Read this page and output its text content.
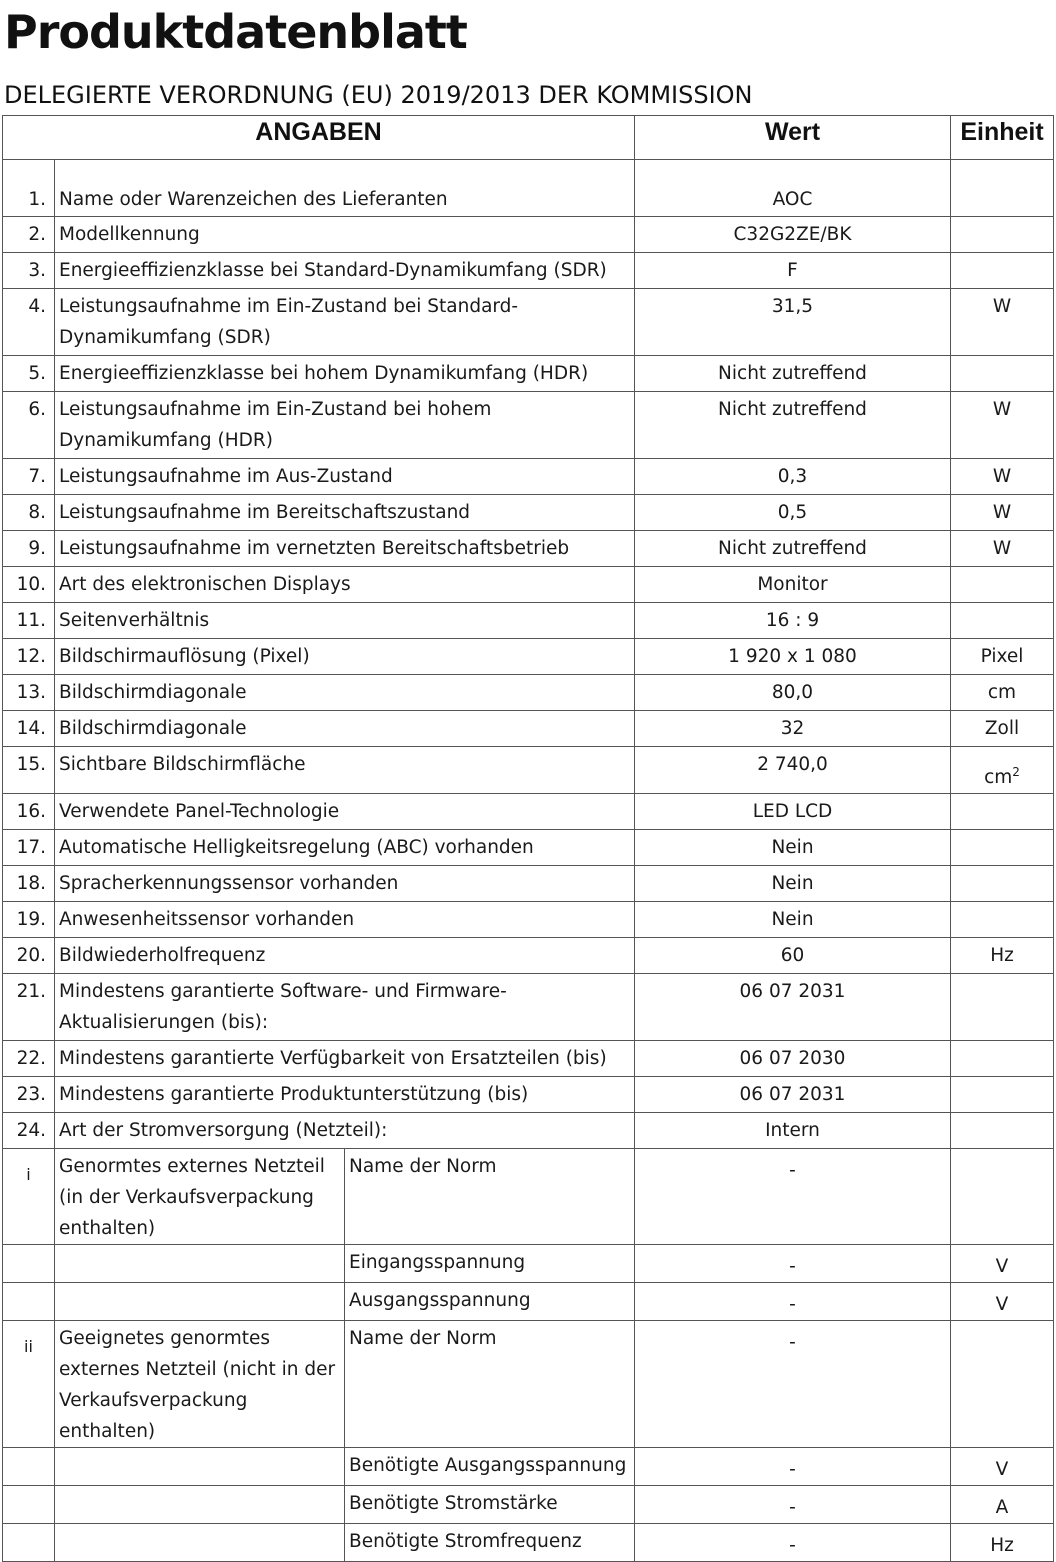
Produktdatenblatt
DELEGIERTE VERORDNUNG (EU) 2019/2013 DER KOMMISSION
ANGABEN			Wert	Einheit
1.	Name oder Warenzeichen des Lieferanten		AOC	
2.	Modellkennung		C32G2ZE/BK	
3.	Energieeffizienzklasse bei Standard-Dynamikumfang (SDR)		F	
4.	Leistungsaufnahme im Ein-Zustand bei Standard-Dynamikumfang (SDR)		31,5	W
5.	Energieeffizienzklasse bei hohem Dynamikumfang (HDR)		Nicht zutreffend	
6.	Leistungsaufnahme im Ein-Zustand bei hohem Dynamikumfang (HDR)		Nicht zutreffend	W
7.	Leistungsaufnahme im Aus-Zustand		0,3	W
8.	Leistungsaufnahme im Bereitschaftszustand		0,5	W
9.	Leistungsaufnahme im vernetzten Bereitschaftsbetrieb		Nicht zutreffend	W
10.	Art des elektronischen Displays		Monitor	
11.	Seitenverhältnis		16 : 9	
12.	Bildschirmauflösung (Pixel)		1 920 x 1 080	Pixel
13.	Bildschirmdiagonale		80,0	cm
14.	Bildschirmdiagonale		32	Zoll
15.	Sichtbare Bildschirmfläche		2 740,0	$cm^2$
16.	Verwendete Panel-Technologie		LED LCD	
17.	Automatische Helligkeitsregelung (ABC) vorhanden		Nein	
18.	Spracherkennungssensor vorhanden		Nein	
19.	Anwesenheitssensor vorhanden		Nein	
20.	Bildwiederholfrequenz		60	Hz
21.	Mindestens garantierte Software- und Firmware-Aktualisierungen (bis):		06 07 2031	
22.	Mindestens garantierte Verfügbarkeit von Ersatzteilen (bis)		06 07 2030	
23.	Mindestens garantierte Produktunterstützung (bis)		06 07 2031	
24.	Art der Stromversorgung (Netzteil):		Intern	
i	Genormtes externes Netzteil (in der Verkaufsverpackung enthalten)	Name der Norm	-	
		Eingangsspannung	-	V
		Ausgangsspannung	-	V
ii	Geeignetes genormtes externes Netzteil (nicht in der Verkaufsverpackung enthalten)	Name der Norm	-	
		Benötigte Ausgangsspannung	-	V
		Benötigte Stromstärke	-	A
		Benötigte Stromfrequenz	-	Hz
